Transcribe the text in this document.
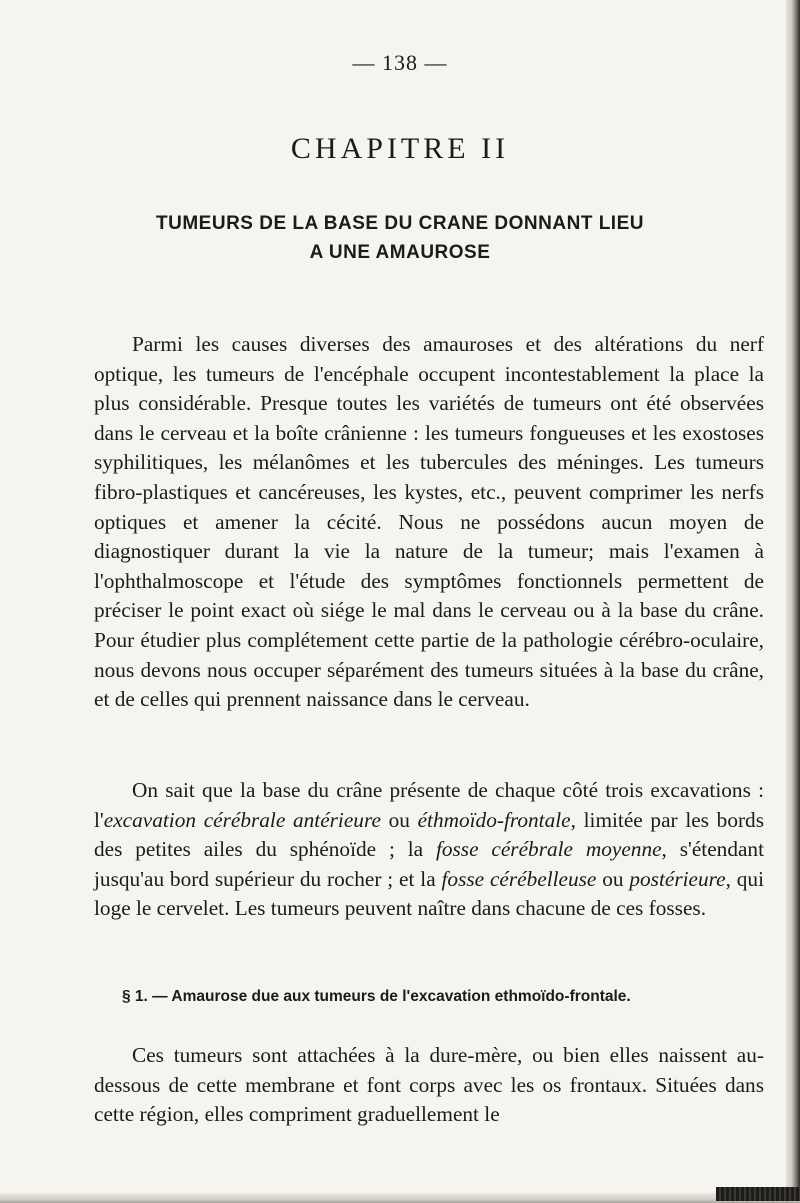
— 138 —
CHAPITRE II
TUMEURS DE LA BASE DU CRANE DONNANT LIEU
A UNE AMAUROSE

Parmi les causes diverses des amauroses et des altérations du nerf optique, les tumeurs de l'encéphale occupent incontestablement la place la plus considérable. Presque toutes les variétés de tumeurs ont été observées dans le cerveau et la boîte crânienne : les tumeurs fongueuses et les exostoses syphilitiques, les mélanômes et les tubercules des méninges. Les tumeurs fibro-plastiques et cancéreuses, les kystes, etc., peuvent comprimer les nerfs optiques et amener la cécité. Nous ne possédons aucun moyen de diagnostiquer durant la vie la nature de la tumeur; mais l'examen à l'ophthalmoscope et l'étude des symptômes fonctionnels permettent de préciser le point exact où siége le mal dans le cerveau ou à la base du crâne. Pour étudier plus complétement cette partie de la pathologie cérébro-oculaire, nous devons nous occuper séparément des tumeurs situées à la base du crâne, et de celles qui prennent naissance dans le cerveau.

On sait que la base du crâne présente de chaque côté trois excavations : l'excavation cérébrale antérieure ou éthmoïdo-frontale, limitée par les bords des petites ailes du sphénoïde ; la fosse cérébrale moyenne, s'étendant jusqu'au bord supérieur du rocher ; et la fosse cérébelleuse ou postérieure, qui loge le cervelet. Les tumeurs peuvent naître dans chacune de ces fosses.

§ 1. — Amaurose due aux tumeurs de l'excavation ethmoïdo-frontale.

Ces tumeurs sont attachées à la dure-mère, ou bien elles naissent au-dessous de cette membrane et font corps avec les os frontaux. Situées dans cette région, elles compriment graduellement le
